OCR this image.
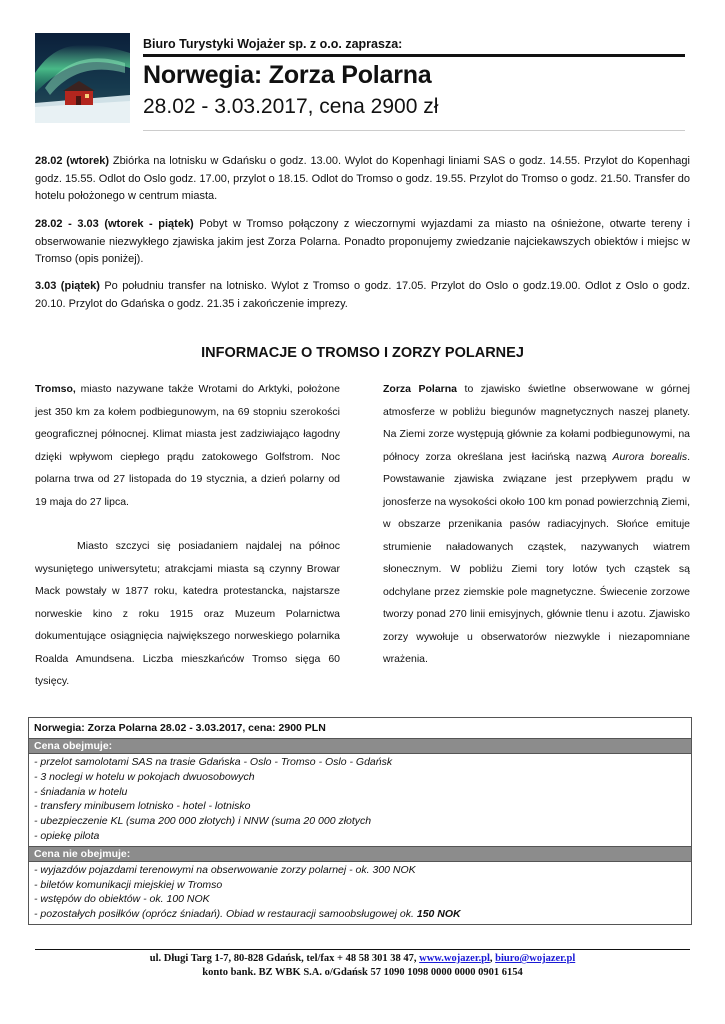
Biuro Turystyki Wojażer sp. z o.o. zaprasza:
Norwegia: Zorza Polarna
28.02 - 3.03.2017, cena 2900 zł

28.02 (wtorek) Zbiórka na lotnisku w Gdańsku o godz. 13.00. Wylot do Kopenhagi liniami SAS o godz. 14.55. Przylot do Kopenhagi godz. 15.55. Odlot do Oslo godz. 17.00, przylot o 18.15. Odlot do Tromso o godz. 19.55. Przylot do Tromso o godz. 21.50. Transfer do hotelu położonego w centrum miasta.

28.02 - 3.03 (wtorek - piątek) Pobyt w Tromso połączony z wieczornymi wyjazdami za miasto na ośnieżone, otwarte tereny i obserwowanie niezwykłego zjawiska jakim jest Zorza Polarna. Ponadto proponujemy zwiedzanie najciekawszych obiektów i miejsc w Tromso (opis poniżej).

3.03 (piątek) Po południu transfer na lotnisko. Wylot z Tromso o godz. 17.05. Przylot do Oslo o godz.19.00. Odlot z Oslo o godz. 20.10. Przylot do Gdańska o godz. 21.35 i zakończenie imprezy.

INFORMACJE O TROMSO I ZORZY POLARNEJ

Tromso, miasto nazywane także Wrotami do Arktyki, położone jest 350 km za kołem podbiegunowym, na 69 stopniu szerokości geograficznej północnej. Klimat miasta jest zadziwiająco łagodny dzięki wpływom ciepłego prądu zatokowego Golfstrom. Noc polarna trwa od 27 listopada do 19 stycznia, a dzień polarny od 19 maja do 27 lipca.

Miasto szczyci się posiadaniem najdalej na północ wysuniętego uniwersytetu; atrakcjami miasta są czynny Browar Mack powstały w 1877 roku, katedra protestancka, najstarsze norweskie kino z roku 1915 oraz Muzeum Polarnictwa dokumentujące osiągnięcia największego norweskiego polarnika Roalda Amundsena. Liczba mieszkańców Tromso sięga 60 tysięcy.

Zorza Polarna to zjawisko świetlne obserwowane w górnej atmosferze w pobliżu biegunów magnetycznych naszej planety. Na Ziemi zorze występują głównie za kołami podbiegunowymi, na północy zorza określana jest łacińską nazwą Aurora borealis. Powstawanie zjawiska związane jest przepływem prądu w jonosferze na wysokości około 100 km ponad powierzchnią Ziemi, w obszarze przenikania pasów radiacyjnych. Słońce emituje strumienie naładowanych cząstek, nazywanych wiatrem słonecznym. W pobliżu Ziemi tory lotów tych cząstek są odchylane przez ziemskie pole magnetyczne. Świecenie zorzowe tworzy ponad 270 linii emisyjnych, głównie tlenu i azotu. Zjawisko zorzy wywołuje u obserwatorów niezwykle i niezapomniane wrażenia.

Norwegia: Zorza Polarna 28.02 - 3.03.2017, cena: 2900 PLN
Cena obejmuje:
- przelot samolotami SAS na trasie Gdańska - Oslo - Tromso - Oslo - Gdańsk
- 3 noclegi w hotelu w pokojach dwuosobowych
- śniadania w hotelu
- transfery minibusem lotnisko - hotel - lotnisko
- ubezpieczenie KL (suma 200 000 złotych) i NNW (suma 20 000 złotych
- opiekę pilota
Cena nie obejmuje:
- wyjazdów pojazdami terenowymi na obserwowanie zorzy polarnej - ok. 300 NOK
- biletów komunikacji miejskiej w Tromso
- wstępów do obiektów - ok. 100 NOK
- pozostałych posiłków (oprócz śniadań). Obiad w restauracji samoobsługowej ok. 150 NOK
ul. Długi Targ 1-7, 80-828 Gdańsk, tel/fax + 48 58 301 38 47, www.wojazer.pl, biuro@wojazer.pl
konto bank. BZ WBK S.A. o/Gdańsk 57 1090 1098 0000 0000 0901 6154
